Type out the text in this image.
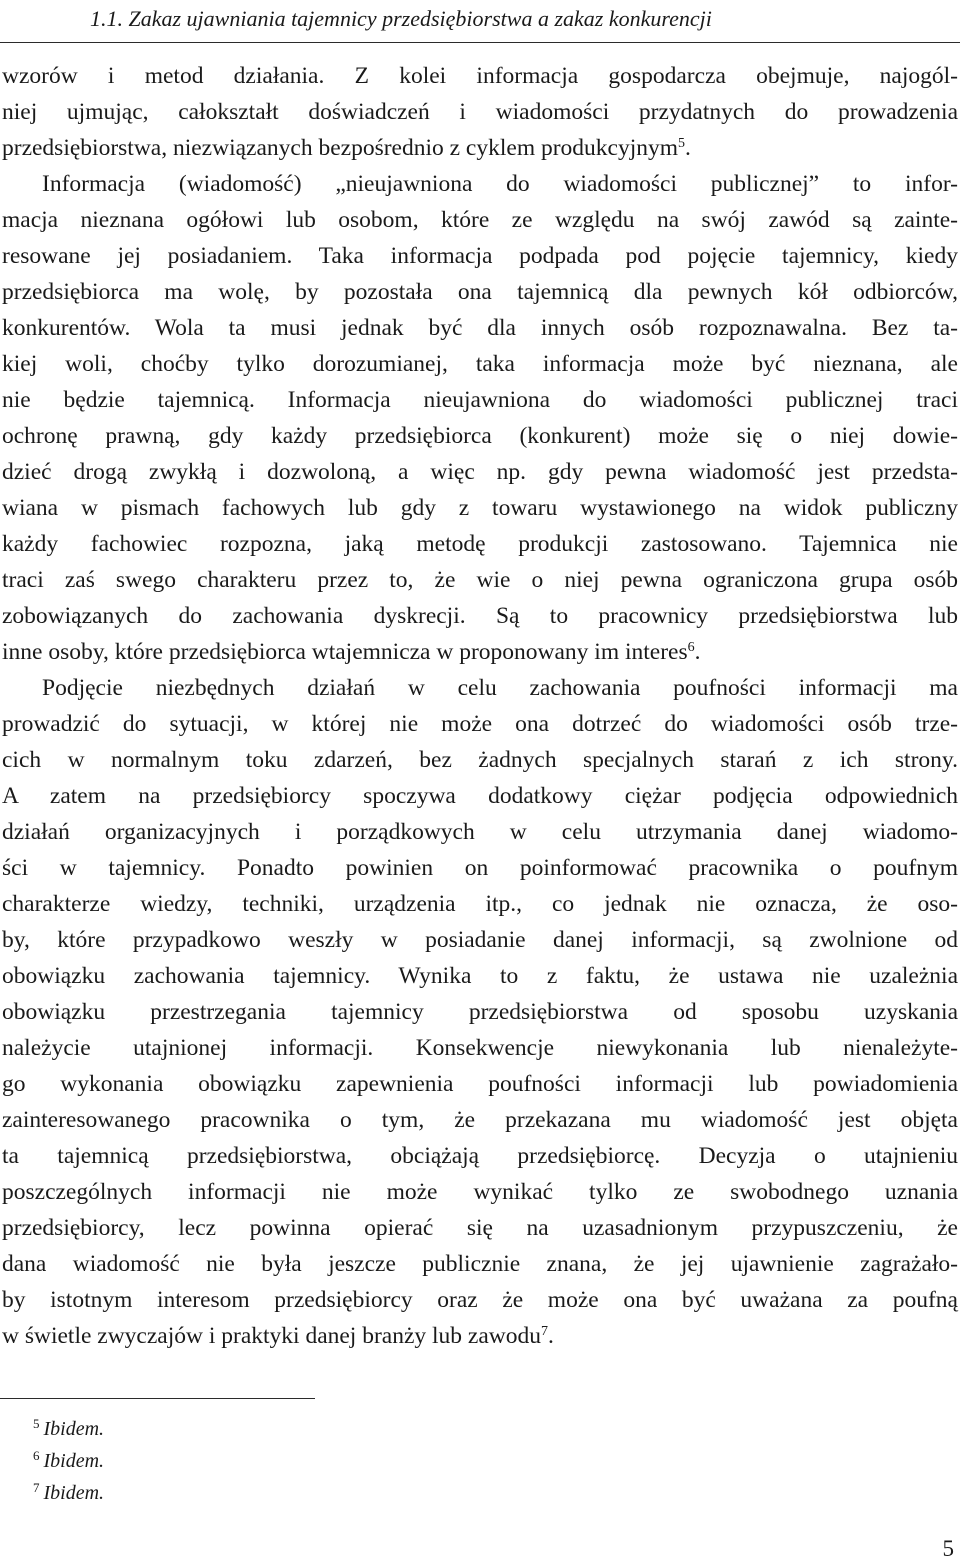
1.1. Zakaz ujawniania tajemnicy przedsiębiorstwa a zakaz konkurencji
wzorów i metod działania. Z kolei informacja gospodarcza obejmuje, najogól-
niej ujmując, całokształt doświadczeń i wiadomości przydatnych do prowadzenia
przedsiębiorstwa, niezwiązanych bezpośrednio z cyklem produkcyjnym$^5$.
Informacja (wiadomość) „nieujawniona do wiadomości publicznej” to infor-
macja nieznana ogółowi lub osobom, które ze względu na swój zawód są zainte-
resowane jej posiadaniem. Taka informacja podpada pod pojęcie tajemnicy, kiedy
przedsiębiorca ma wolę, by pozostała ona tajemnicą dla pewnych kół odbiorców,
konkurentów. Wola ta musi jednak być dla innych osób rozpoznawalna. Bez ta-
kiej woli, choćby tylko dorozumianej, taka informacja może być nieznana, ale
nie będzie tajemnicą. Informacja nieujawniona do wiadomości publicznej traci
ochronę prawną, gdy każdy przedsiębiorca (konkurent) może się o niej dowie-
dzieć drogą zwykłą i dozwoloną, a więc np. gdy pewna wiadomość jest przedsta-
wiana w pismach fachowych lub gdy z towaru wystawionego na widok publiczny
każdy fachowiec rozpozna, jaką metodę produkcji zastosowano. Tajemnica nie
traci zaś swego charakteru przez to, że wie o niej pewna ograniczona grupa osób
zobowiązanych do zachowania dyskrecji. Są to pracownicy przedsiębiorstwa lub
inne osoby, które przedsiębiorca wtajemnicza w proponowany im interes$^6$.
Podjęcie niezbędnych działań w celu zachowania poufności informacji ma
prowadzić do sytuacji, w której nie może ona dotrzeć do wiadomości osób trze-
cich w normalnym toku zdarzeń, bez żadnych specjalnych starań z ich strony.
A zatem na przedsiębiorcy spoczywa dodatkowy ciężar podjęcia odpowiednich
działań organizacyjnych i porządkowych w celu utrzymania danej wiadomo-
ści w tajemnicy. Ponadto powinien on poinformować pracownika o poufnym
charakterze wiedzy, techniki, urządzenia itp., co jednak nie oznacza, że oso-
by, które przypadkowo weszły w posiadanie danej informacji, są zwolnione od
obowiązku zachowania tajemnicy. Wynika to z faktu, że ustawa nie uzależnia
obowiązku przestrzegania tajemnicy przedsiębiorstwa od sposobu uzyskania
należycie utajnionej informacji. Konsekwencje niewykonania lub nienależyte-
go wykonania obowiązku zapewnienia poufności informacji lub powiadomienia
zainteresowanego pracownika o tym, że przekazana mu wiadomość jest objęta
ta tajemnicą przedsiębiorstwa, obciążają przedsiębiorcę. Decyzja o utajnieniu
poszczególnych informacji nie może wynikać tylko ze swobodnego uznania
przedsiębiorcy, lecz powinna opierać się na uzasadnionym przypuszczeniu, że
dana wiadomość nie była jeszcze publicznie znana, że jej ujawnienie zagrażało-
by istotnym interesom przedsiębiorcy oraz że może ona być uważana za poufną
w świetle zwyczajów i praktyki danej branży lub zawodu$^7$.
$^5$ Ibidem.
$^6$ Ibidem.
$^7$ Ibidem.
5
